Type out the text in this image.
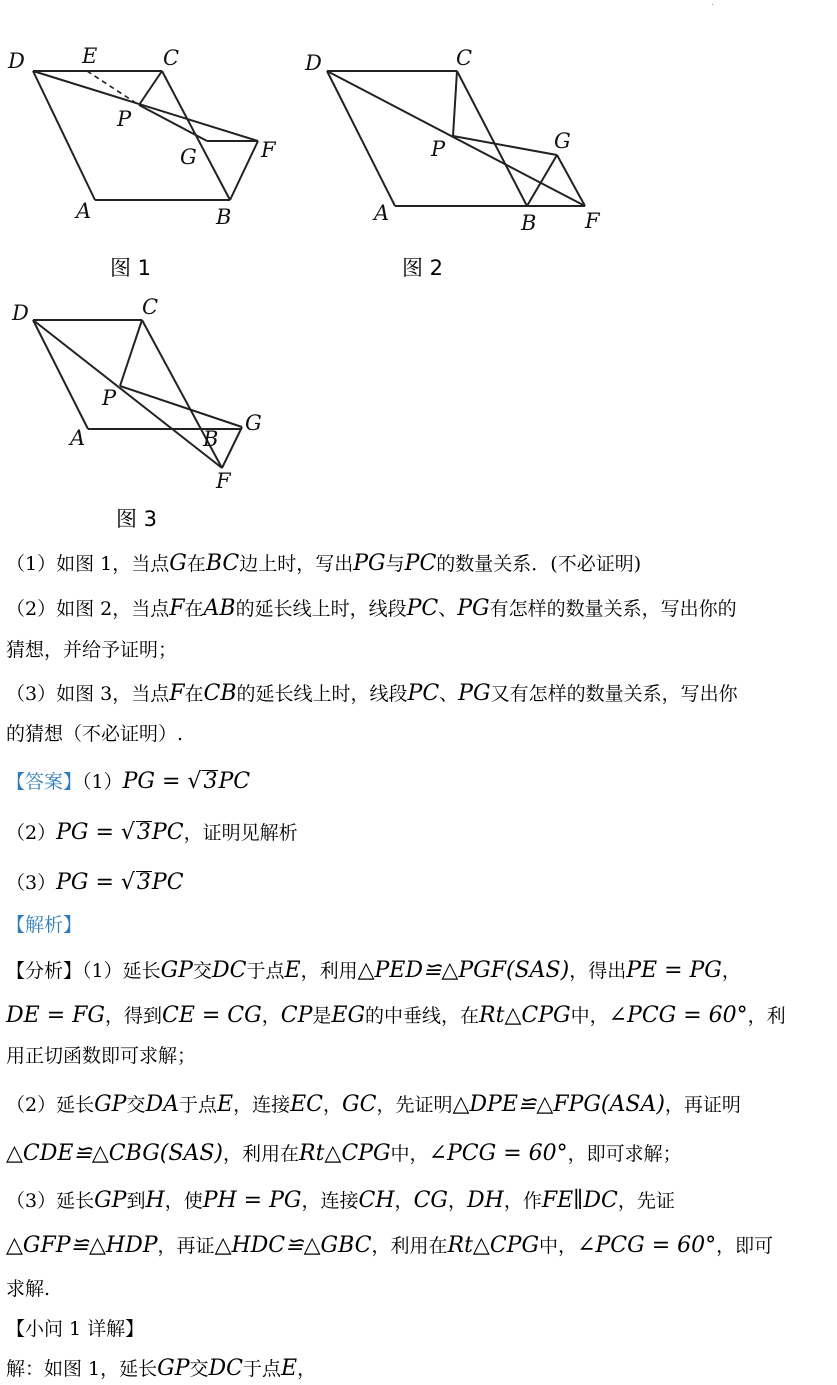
·
D	E	C
P
G	F
A	B
图 1
D	C
P	G
A	B F
图 2
D	C
P
A	B
G
F
图 3
（1）如图 1，当点G在BC边上时，写出PG与PC的数量关系．(不必证明)
（2）如图 2，当点F在AB的延长线上时，线段PC、PG有怎样的数量关系，写出你的
猜想，并给予证明；
（3）如图 3，当点F在CB的延长线上时，线段PC、PG又有怎样的数量关系，写出你
的猜想（不必证明）.
【答案】（1）PG = √3PC
（2）PG = √3PC，证明见解析
（3）PG = √3PC
【解析】
【分析】（1）延长GP交DC于点E，利用△PED≌△PGF(SAS)，得出PE = PG，
DE = FG，得到CE = CG，CP是EG的中垂线，在Rt△CPG中，∠PCG = 60°，利
用正切函数即可求解；
（2）延长GP交DA于点E，连接EC，GC，先证明△DPE≌△FPG(ASA)，再证明
△CDE≌△CBG(SAS)，利用在Rt△CPG中，∠PCG = 60°，即可求解；
（3）延长GP到H，使PH = PG，连接CH，CG，DH，作FE∥DC，先证
△GFP≌△HDP，再证△HDC≌△GBC，利用在Rt△CPG中，∠PCG = 60°，即可
求解.
【小问 1 详解】
解：如图 1，延长GP交DC于点E，
